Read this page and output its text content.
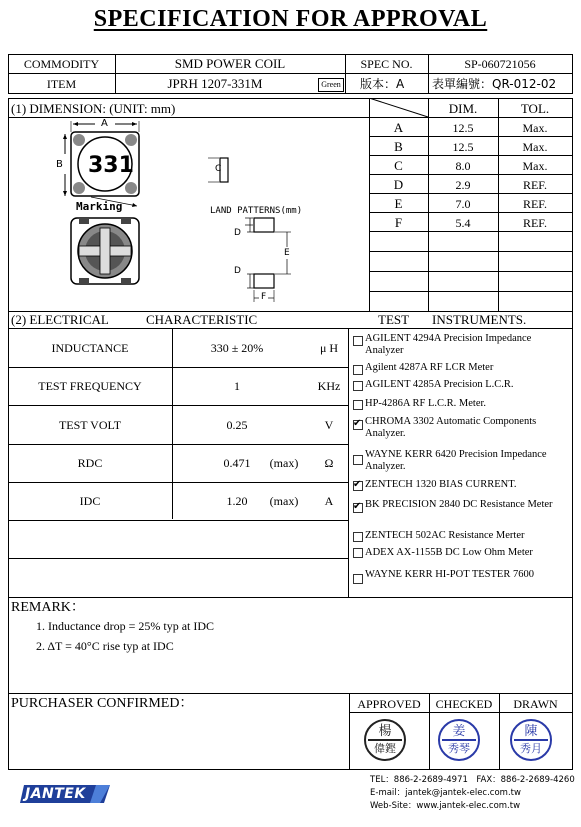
SPECIFICATION FOR APPROVAL
COMMODITY	SMD POWER COIL	SPEC NO.	SP-060721056
ITEM	JPRH 1207-331M	Green 版本：A 表單編號：QR-012-02
(1) DIMENSION: (UNIT: mm)	DIM.	TOL.
A	12.5	Max.
B	12.5	Max.
C	8.0	Max.
D	2.9	REF.
E	7.0	REF.
F	5.4	REF.
A
B 331
Marking
C
LAND PATTERNS(mm)
D
D
E
F
(2) ELECTRICAL	CHARACTERISTIC	TEST INSTRUMENTS.
INDUCTANCE	330 ± 20%	μ H
TEST FREQUENCY	1	KHz
TEST VOLT	0.25	V
RDC	0.471	(max)	Ω
IDC	1.20	(max)	A
AGILENT 4294A Precision Impedance Analyzer
Agilent 4287A RF LCR Meter
AGILENT 4285A Precision L.C.R.
HP-4286A RF L.C.R. Meter.
✔
CHROMA 3302 Automatic Components Analyzer.
WAYNE KERR 6420 Precision Impedance Analyzer.
✔
ZENTECH 1320 BIAS CURRENT.
✔
BK PRECISION 2840 DC Resistance Meter
ZENTECH 502AC Resistance Merter
ADEX AX-1155B DC Low Ohm Meter
WAYNE KERR HI-POT TESTER 7600
REMARK：
1. Inductance drop = 25% typ at IDC
2. ΔT = 40°C rise typ at IDC
PURCHASER CONFIRMED：	APPROVED	CHECKED	DRAWN
楊
偉鏗
姜
秀琴
陳
秀月
JANTEK
TEL：886-2-2689-4971　FAX：886-2-2689-4260
E-mail：jantek@jantek-elec.com.tw
Web-Site：www.jantek-elec.com.tw
